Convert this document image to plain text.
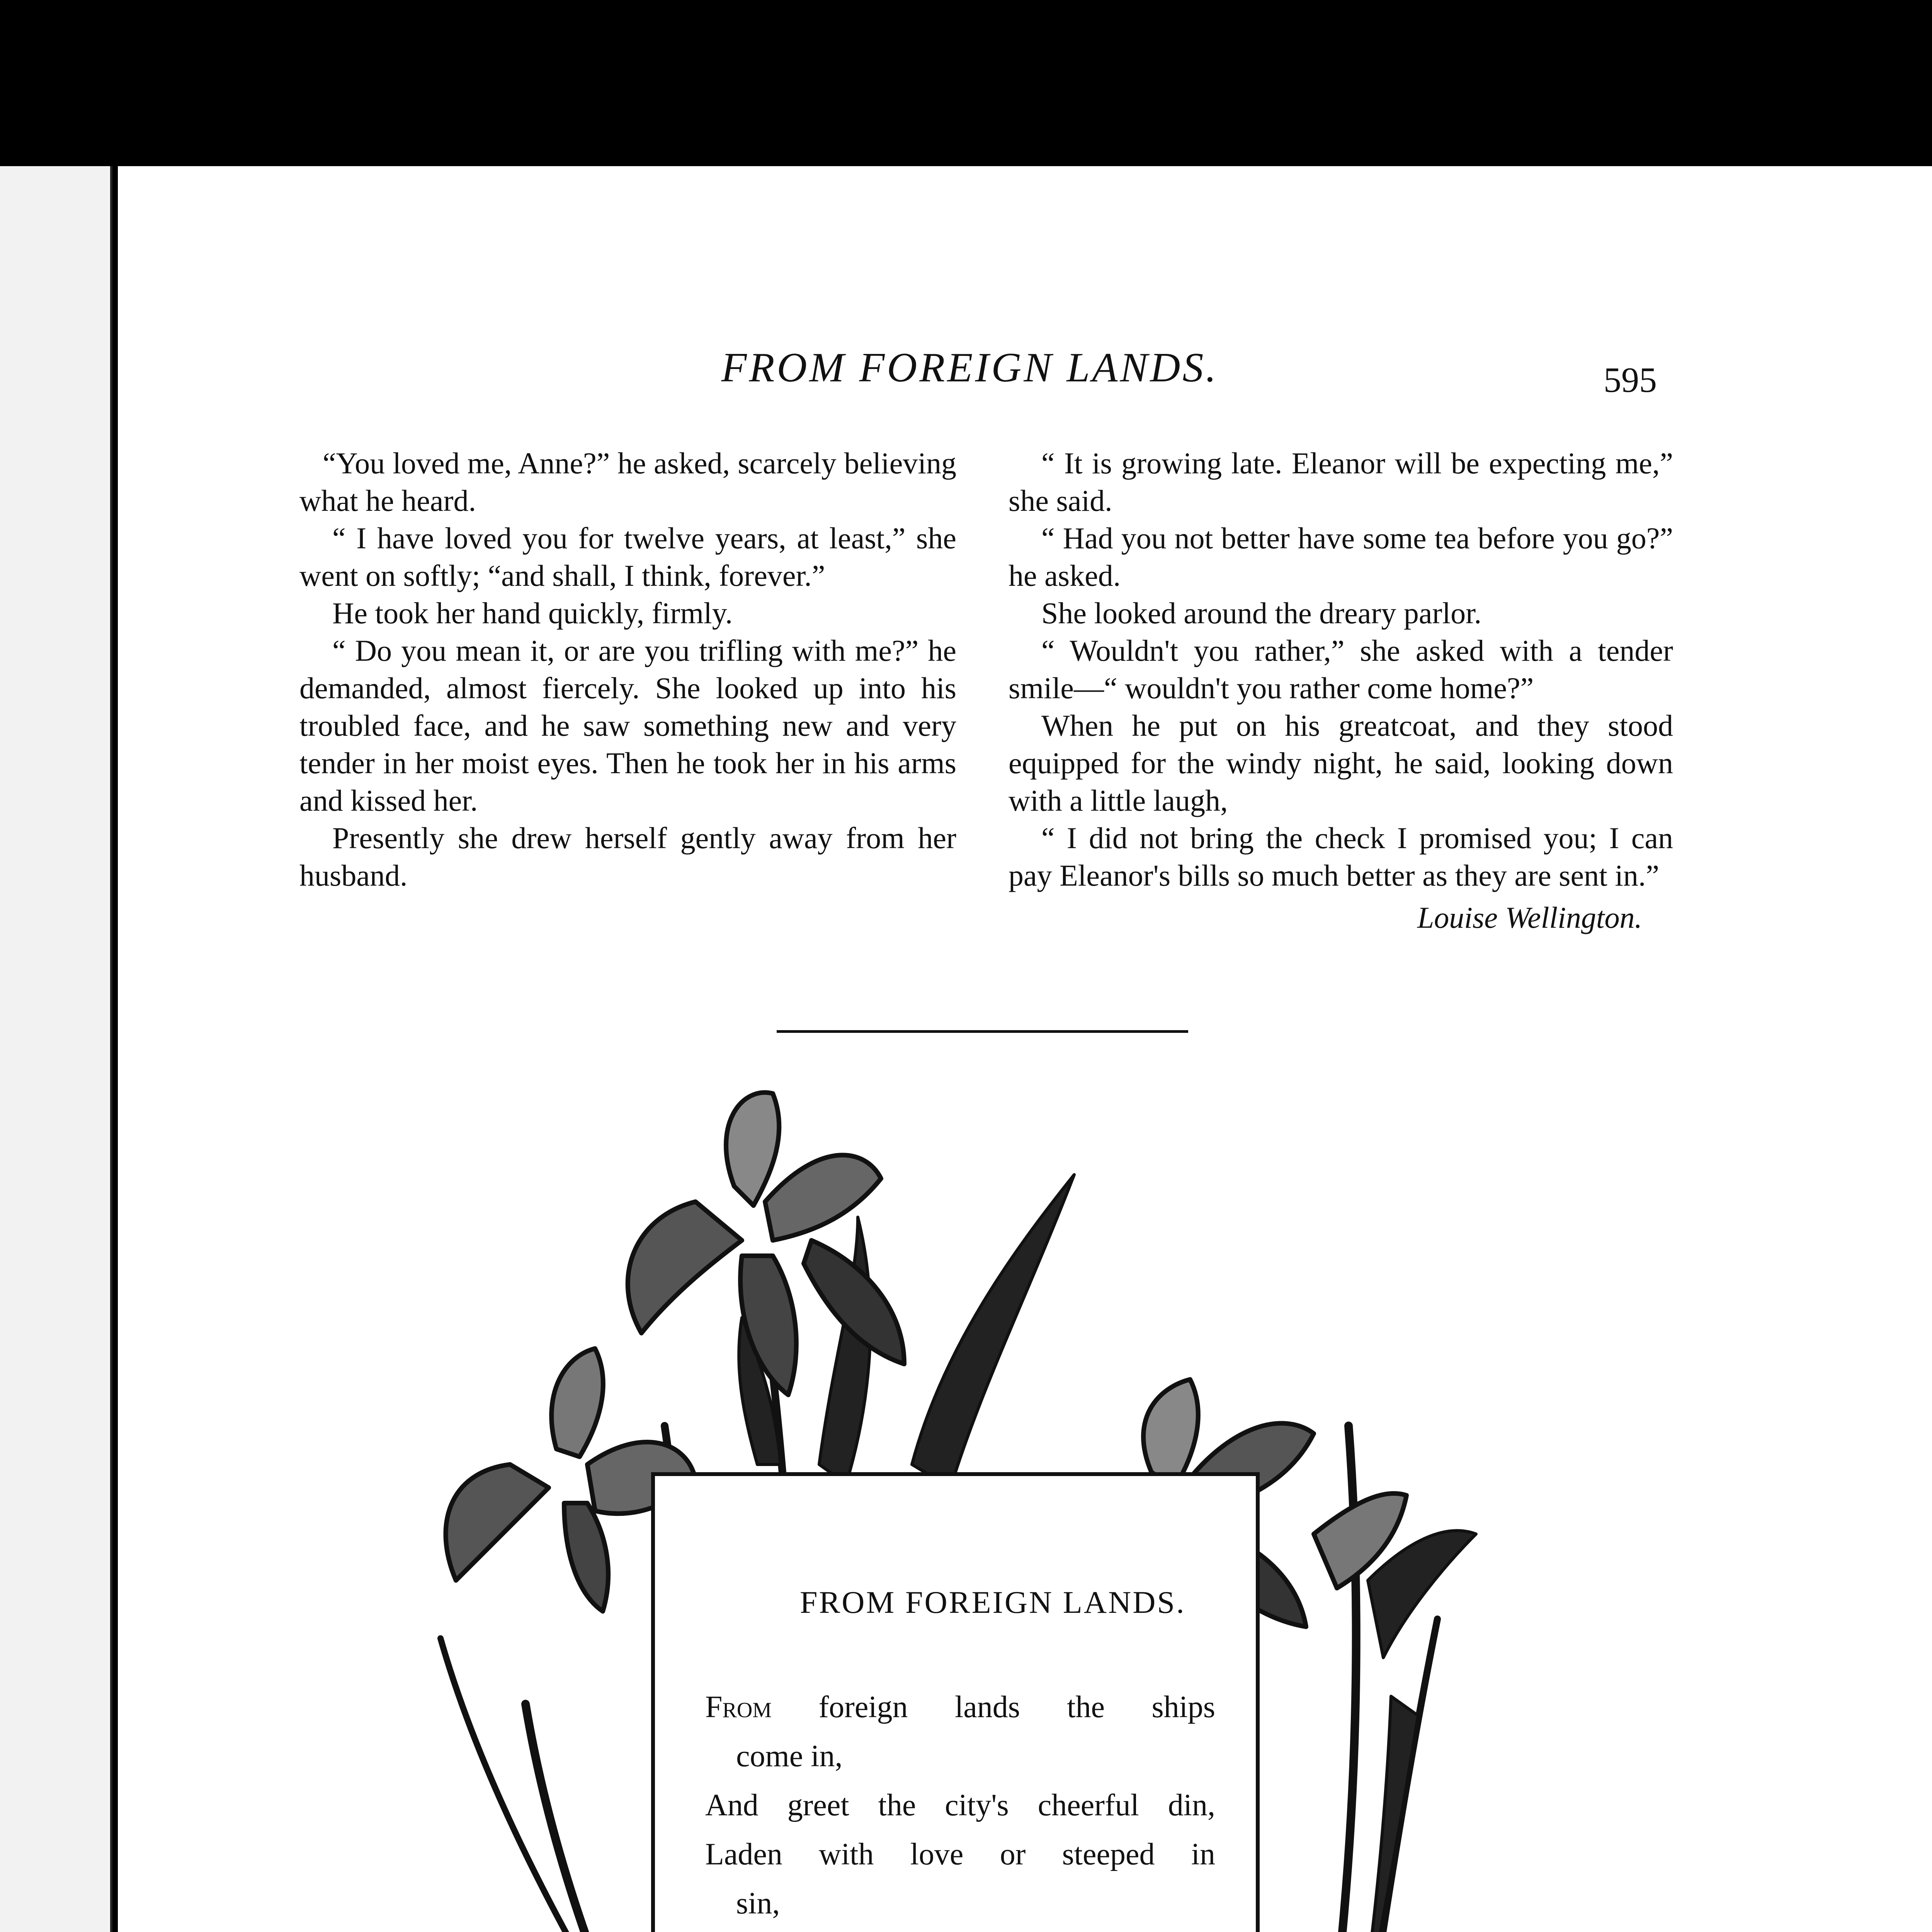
FROM FOREIGN LANDS.	595

“You loved me, Anne?” he asked, scarcely believing what he heard.

“ I have loved you for twelve years, at least,” she went on softly; “and shall, I think, forever.”

He took her hand quickly, firmly.

“ Do you mean it, or are you trifling with me?” he demanded, almost fiercely. She looked up into his troubled face, and he saw something new and very tender in her moist eyes. Then he took her in his arms and kissed her.

Presently she drew herself gently away from her husband.

“ It is growing late. Eleanor will be expecting me,” she said.

“ Had you not better have some tea before you go?” he asked.

She looked around the dreary parlor.

“ Wouldn't you rather,” she asked with a tender smile—“ wouldn't you rather come home?”

When he put on his greatcoat, and they stood equipped for the windy night, he said, looking down with a little laugh,

“ I did not bring the check I promised you; I can pay Eleanor's bills so much better as they are sent in.”

Louise Wellington.
FROM FOREIGN LANDS.
From foreign lands the ships
come in,
And greet the city's cheerful din,
Laden with love or steeped in
sin,
